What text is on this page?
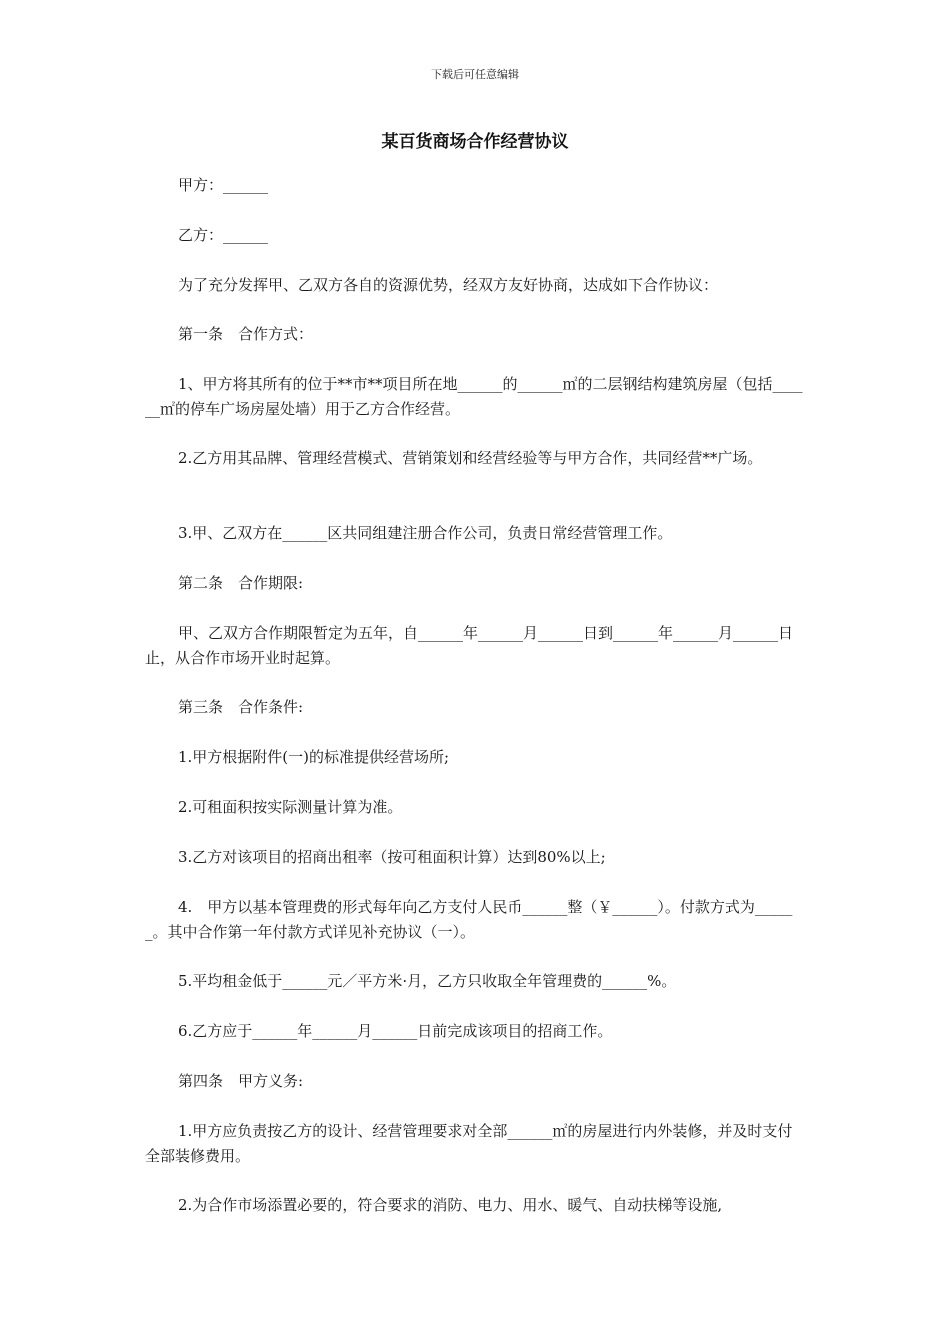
下载后可任意编辑
某百货商场合作经营协议
甲方：______
乙方：______
为了充分发挥甲、乙双方各自的资源优势，经双方友好协商，达成如下合作协议：
第一条　合作方式：
1、甲方将其所有的位于**市**项目所在地______的______㎡的二层钢结构建筑房屋（包括______㎡的停车广场房屋处墙）用于乙方合作经营。
2.乙方用其品牌、管理经营模式、营销策划和经营经验等与甲方合作，共同经营**广场。
3.甲、乙双方在______区共同组建注册合作公司，负责日常经营管理工作。
第二条　合作期限:
甲、乙双方合作期限暂定为五年，自______年______月______日到______年______月______日止，从合作市场开业时起算。
第三条　合作条件:
1.甲方根据附件(一)的标准提供经营场所;
2.可租面积按实际测量计算为准。
3.乙方对该项目的招商出租率（按可租面积计算）达到80%以上;
4.　甲方以基本管理费的形式每年向乙方支付人民币______整（￥______）。付款方式为______。其中合作第一年付款方式详见补充协议（一）。
5.平均租金低于______元／平方米·月，乙方只收取全年管理费的______%。
6.乙方应于______年______月______日前完成该项目的招商工作。
第四条　甲方义务:
1.甲方应负责按乙方的设计、经营管理要求对全部______㎡的房屋进行内外装修，并及时支付全部装修费用。
2.为合作市场添置必要的，符合要求的消防、电力、用水、暖气、自动扶梯等设施,
